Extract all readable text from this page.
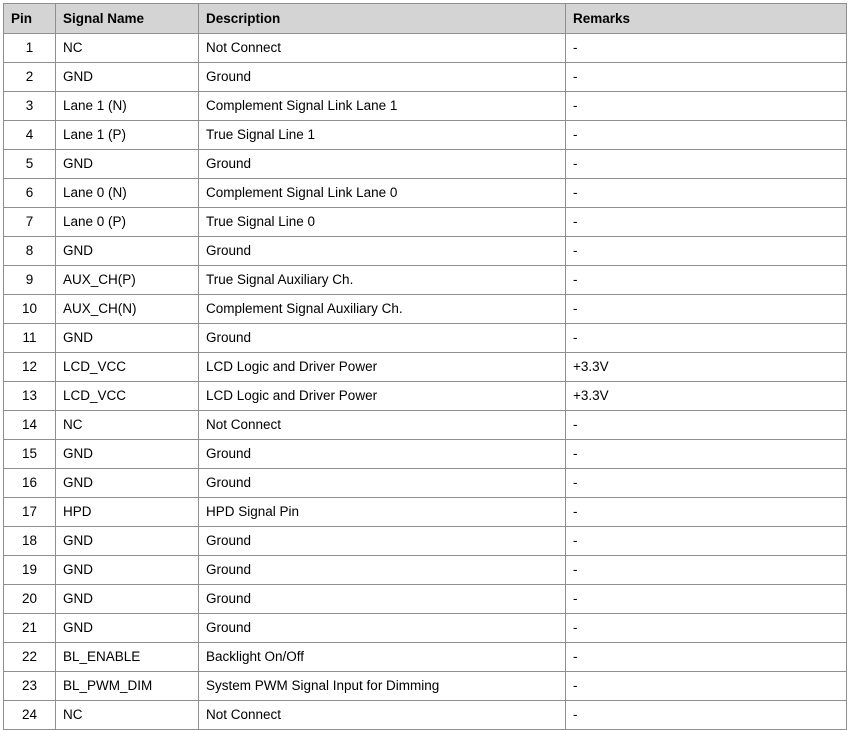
Pin	Signal Name	Description	Remarks
1	NC	Not Connect	-
2	GND	Ground	-
3	Lane 1 (N)	Complement Signal Link Lane 1	-
4	Lane 1 (P)	True Signal Line 1	-
5	GND	Ground	-
6	Lane 0 (N)	Complement Signal Link Lane 0	-
7	Lane 0 (P)	True Signal Line 0	-
8	GND	Ground	-
9	AUX_CH(P)	True Signal Auxiliary Ch.	-
10	AUX_CH(N)	Complement Signal Auxiliary Ch.	-
11	GND	Ground	-
12	LCD_VCC	LCD Logic and Driver Power	+3.3V
13	LCD_VCC	LCD Logic and Driver Power	+3.3V
14	NC	Not Connect	-
15	GND	Ground	-
16	GND	Ground	-
17	HPD	HPD Signal Pin	-
18	GND	Ground	-
19	GND	Ground	-
20	GND	Ground	-
21	GND	Ground	-
22	BL_ENABLE	Backlight On/Off	-
23	BL_PWM_DIM	System PWM Signal Input for Dimming	-
24	NC	Not Connect	-
